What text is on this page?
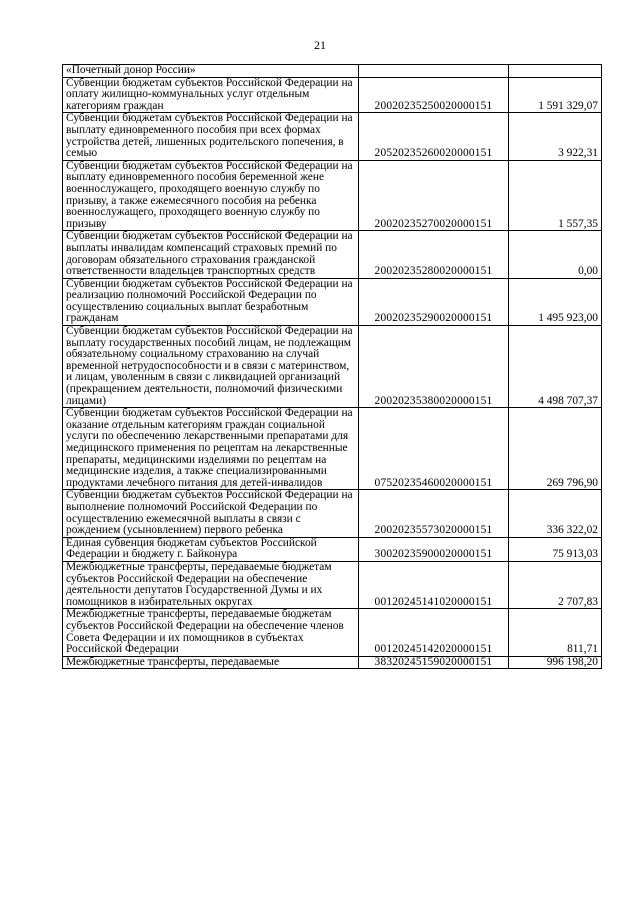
21
«Почетный донор России»		
Субвенции бюджетам субъектов Российской Федерации на оплату жилищно-коммунальных услуг отдельным категориям граждан	20020235250020000151	1 591 329,07
Субвенции бюджетам субъектов Российской Федерации на выплату единовременного пособия при всех формах устройства детей, лишенных родительского попечения, в семью	20520235260020000151	3 922,31
Субвенции бюджетам субъектов Российской Федерации на выплату единовременного пособия беременной жене военнослужащего, проходящего военную службу по призыву, а также ежемесячного пособия на ребенка военнослужащего, проходящего военную службу по призыву	20020235270020000151	1 557,35
Субвенции бюджетам субъектов Российской Федерации на выплаты инвалидам компенсаций страховых премий по договорам обязательного страхования гражданской ответственности владельцев транспортных средств	20020235280020000151	0,00
Субвенции бюджетам субъектов Российской Федерации на реализацию полномочий Российской Федерации по осуществлению социальных выплат безработным гражданам	20020235290020000151	1 495 923,00
Субвенции бюджетам субъектов Российской Федерации на выплату государственных пособий лицам, не подлежащим обязательному социальному страхованию на случай временной нетрудоспособности и в связи с материнством, и лицам, уволенным в связи с ликвидацией организаций (прекращением деятельности, полномочий физическими лицами)	20020235380020000151	4 498 707,37
Субвенции бюджетам субъектов Российской Федерации на оказание отдельным категориям граждан социальной услуги по обеспечению лекарственными препаратами для медицинского применения по рецептам на лекарственные препараты, медицинскими изделиями по рецептам на медицинские изделия, а также специализированными продуктами лечебного питания для детей-инвалидов	07520235460020000151	269 796,90
Субвенции бюджетам субъектов Российской Федерации на выполнение полномочий Российской Федерации по осуществлению ежемесячной выплаты в связи с рождением (усыновлением) первого ребенка	20020235573020000151	336 322,02
Единая субвенция бюджетам субъектов Российской Федерации и бюджету г. Байконура	30020235900020000151	75 913,03
Межбюджетные трансферты, передаваемые бюджетам субъектов Российской Федерации на обеспечение деятельности депутатов Государственной Думы и их помощников в избирательных округах	00120245141020000151	2 707,83
Межбюджетные трансферты, передаваемые бюджетам субъектов Российской Федерации на обеспечение членов Совета Федерации и их помощников в субъектах Российской Федерации	00120245142020000151	811,71
Межбюджетные трансферты, передаваемые	38320245159020000151	996 198,20
